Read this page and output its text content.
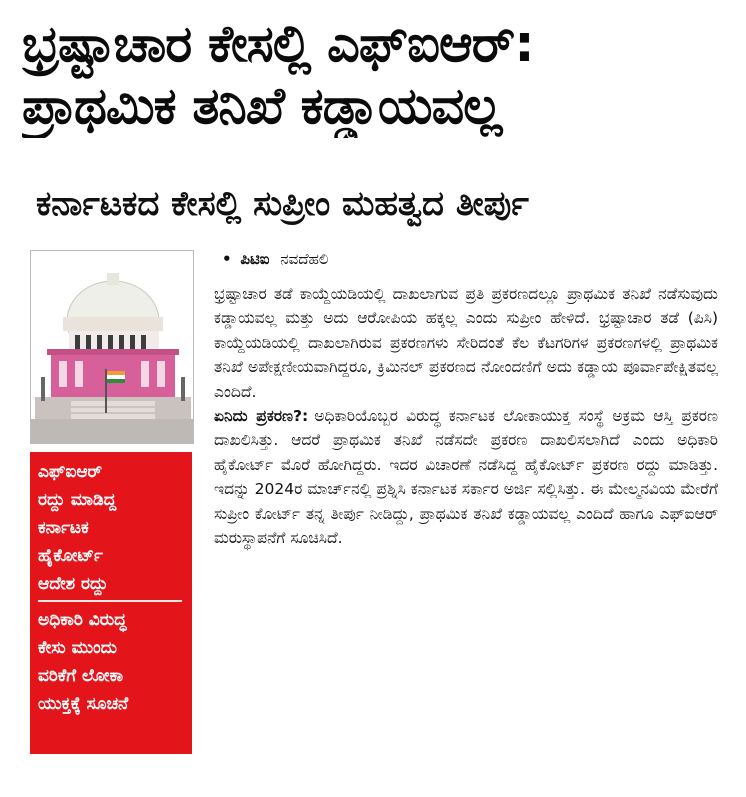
ಭ್ರಷ್ಟಾಚಾರ ಕೇಸಲ್ಲಿ ಎಫ್‌ಐಆರ್:
ಪ್ರಾಥಮಿಕ ತನಿಖೆ ಕಡ್ಡಾಯವಲ್ಲ
ಕರ್ನಾಟಕದ ಕೇಸಲ್ಲಿ ಸುಪ್ರೀಂ ಮಹತ್ವದ ತೀರ್ಪು
ಎಫ್‌ಐಆರ್
ರದ್ದು ಮಾಡಿದ್ದ
ಕರ್ನಾಟಕ
ಹೈಕೋರ್ಟ್
ಆದೇಶ ರದ್ದು
ಅಧಿಕಾರಿ ವಿರುದ್ಧ
ಕೇಸು ಮುಂದು
ವರಿಕೆಗೆ ಲೋಕಾ
ಯುಕ್ತಕ್ಕೆ ಸೂಚನೆ
• ಪಿಟಿಐ ನವದೆಹಲಿ

ಭ್ರಷ್ಟಾಚಾರ ತಡೆ ಕಾಯ್ದೆಯಡಿಯಲ್ಲಿ ದಾಖಲಾಗುವ ಪ್ರತಿ ಪ್ರಕರಣದಲ್ಲೂ ಪ್ರಾಥಮಿಕ ತನಿಖೆ ನಡೆಸುವುದು ಕಡ್ಡಾಯವಲ್ಲ ಮತ್ತು ಅದು ಆರೋಪಿಯ ಹಕ್ಕಲ್ಲ ಎಂದು ಸುಪ್ರೀಂ ಹೇಳಿದೆ. ಭ್ರಷ್ಟಾಚಾರ ತಡೆ (ಪಿಸಿ) ಕಾಯ್ದೆಯಡಿಯಲ್ಲಿ ದಾಖಲಾಗಿರುವ ಪ್ರಕರಣಗಳು ಸೇರಿದಂತೆ ಕೆಲ ಕೆಟಗರಿಗಳ ಪ್ರಕರಣಗಳಲ್ಲಿ ಪ್ರಾಥಮಿಕ ತನಿಖೆ ಅಪೇಕ್ಷಣೀಯವಾಗಿದ್ದರೂ, ಕ್ರಿಮಿನಲ್ ಪ್ರಕರಣದ ನೋಂದಣಿಗೆ ಅದು ಕಡ್ಡಾಯ ಪೂರ್ವಾಪೇಕ್ಷಿತವಲ್ಲ ಎಂದಿದೆ.

ಏನಿದು ಪ್ರಕರಣ?: ಅಧಿಕಾರಿಯೊಬ್ಬರ ವಿರುದ್ಧ ಕರ್ನಾಟಕ ಲೋಕಾಯುಕ್ತ ಸಂಸ್ಥೆ ಅಕ್ರಮ ಆಸ್ತಿ ಪ್ರಕರಣ ದಾಖಲಿಸಿತ್ತು. ಆದರೆ ಪ್ರಾಥಮಿಕ ತನಿಖೆ ನಡೆಸದೇ ಪ್ರಕರಣ ದಾಖಲಿಸಲಾಗಿದೆ ಎಂದು ಅಧಿಕಾರಿ ಹೈಕೋರ್ಟ್ ಮೊರೆ ಹೋಗಿದ್ದರು. ಇದರ ವಿಚಾರಣೆ ನಡೆಸಿದ್ದ ಹೈಕೋರ್ಟ್ ಪ್ರಕರಣ ರದ್ದು ಮಾಡಿತ್ತು. ಇದನ್ನು 2024ರ ಮಾರ್ಚ್‌ನಲ್ಲಿ ಪ್ರಶ್ನಿಸಿ ಕರ್ನಾಟಕ ಸರ್ಕಾರ ಅರ್ಜಿ ಸಲ್ಲಿಸಿತ್ತು. ಈ ಮೇಲ್ಮನವಿಯ ಮೇರೆಗೆ ಸುಪ್ರೀಂ ಕೋರ್ಟ್ ತನ್ನ ತೀರ್ಪು ನೀಡಿದ್ದು, ಪ್ರಾಥಮಿಕ ತನಿಖೆ ಕಡ್ಡಾಯವಲ್ಲ ಎಂದಿದೆ ಹಾಗೂ ಎಫ್‌ಐಆರ್ ಮರುಸ್ಥಾಪನೆಗೆ ಸೂಚಿಸಿದೆ.
